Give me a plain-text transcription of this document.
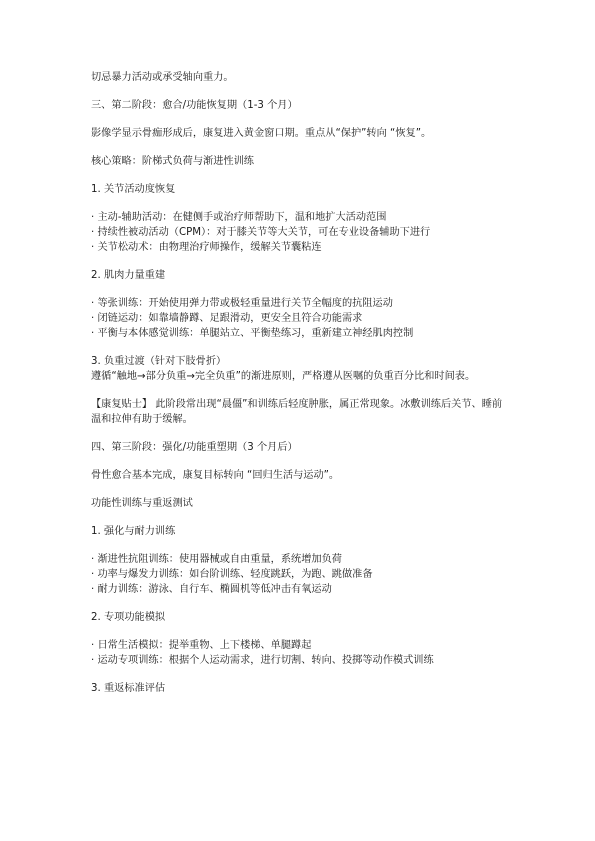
切忌暴力活动或承受轴向重力。

三、第二阶段：愈合/功能恢复期（1-3 个月）

影像学显示骨痂形成后，康复进入黄金窗口期。重点从“保护”转向 “恢复”。

核心策略：阶梯式负荷与渐进性训练

1. 关节活动度恢复

· 主动-辅助活动：在健侧手或治疗师帮助下，温和地扩大活动范围
· 持续性被动活动（CPM）：对于膝关节等大关节，可在专业设备辅助下进行
· 关节松动术：由物理治疗师操作，缓解关节囊粘连

2. 肌肉力量重建

· 等张训练：开始使用弹力带或极轻重量进行关节全幅度的抗阻运动
· 闭链运动：如靠墙静蹲、足跟滑动，更安全且符合功能需求
· 平衡与本体感觉训练：单腿站立、平衡垫练习，重新建立神经肌肉控制

3. 负重过渡（针对下肢骨折）

遵循“触地→部分负重→完全负重”的渐进原则，严格遵从医嘱的负重百分比和时间表。

【康复贴士】 此阶段常出现“晨僵”和训练后轻度肿胀，属正常现象。冰敷训练后关节、睡前温和拉伸有助于缓解。

四、第三阶段：强化/功能重塑期（3 个月后）

骨性愈合基本完成，康复目标转向 “回归生活与运动”。

功能性训练与重返测试

1. 强化与耐力训练

· 渐进性抗阻训练：使用器械或自由重量，系统增加负荷
· 功率与爆发力训练：如台阶训练、轻度跳跃，为跑、跳做准备
· 耐力训练：游泳、自行车、椭圆机等低冲击有氧运动

2. 专项功能模拟

· 日常生活模拟：提举重物、上下楼梯、单腿蹲起
· 运动专项训练：根据个人运动需求，进行切割、转向、投掷等动作模式训练

3. 重返标准评估
